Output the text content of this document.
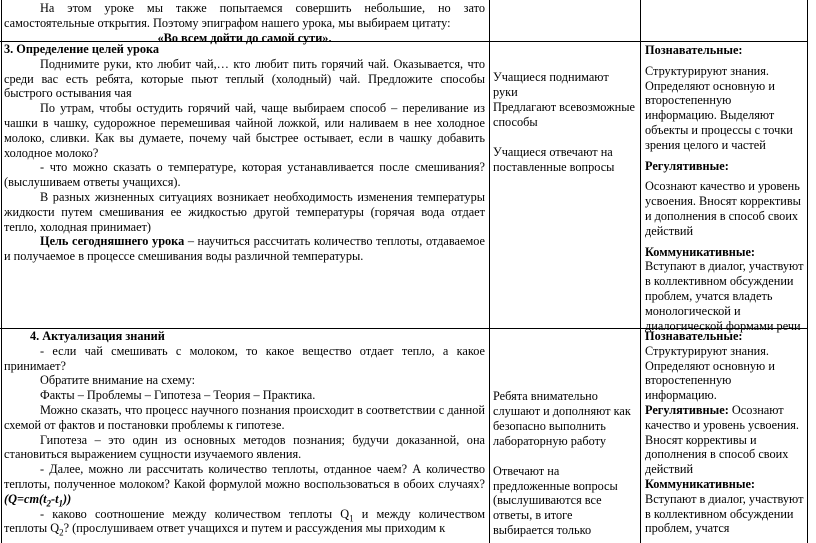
На этом уроке мы также попытаемся совершить небольшие, но зато самостоятельные открытия. Поэтому эпиграфом нашего урока, мы выбираем цитату:

«Во всем дойти до самой сути».

3. Определение целей урока

Поднимите руки, кто любит чай,… кто любит пить горячий чай. Оказывается, что среди вас есть ребята, которые пьют теплый (холодный) чай. Предложите способы быстрого остывания чая

По утрам, чтобы остудить горячий чай, чаще выбираем способ – переливание из чашки в чашку, судорожное перемешивая чайной ложкой, или наливаем в нее холодное молоко, сливки. Как вы думаете, почему чай быстрее остывает, если в чашку добавить холодное молоко?

- что можно сказать о температуре, которая устанавливается после смешивания? (выслушиваем ответы учащихся).

В разных жизненных ситуациях возникает необходимость изменения температуры жидкости путем смешивания ее жидкостью другой температуры (горячая вода отдает тепло, холодная принимает)

Цель сегодняшнего урока – научиться рассчитать количество теплоты, отдаваемое и получаемое в процессе смешивания воды различной температуры.

Учащиеся поднимают руки

Предлагают всевозможные способы

Учащиеся отвечают на поставленные вопросы

Познавательные:

Структурируют знания. Определяют основную и второстепенную информацию. Выделяют объекты и процессы с точки зрения целого и частей

Регулятивные:

Осознают качество и уровень усвоения. Вносят коррективы и дополнения в способ своих действий

Коммуникативные:

Вступают в диалог, участвуют в коллективном обсуждении проблем, учатся владеть монологической и диалогической формами речи

4. Актуализация знаний

- если чай смешивать с молоком, то какое вещество отдает тепло, а какое принимает?

Обратите внимание на схему:

Факты – Проблемы – Гипотеза – Теория – Практика.

Можно сказать, что процесс научного познания происходит в соответствии с данной схемой от фактов и постановки проблемы к гипотезе.

Гипотеза – это один из основных методов познания; будучи доказанной, она становиться выражением сущности изучаемого явления.

- Далее, можно ли рассчитать количество теплоты, отданное чаем? А количество теплоты, полученное молоком? Какой формулой можно воспользоваться в обоих случаях? $(Q=cm(t_2-t_1))$

- каково соотношение между количеством теплоты $Q_1$ и между количеством теплоты $Q_2$? (прослушиваем ответ учащихся и путем и рассуждения мы приходим к

Ребята внимательно слушают и дополняют как безопасно выполнить лабораторную работу

Отвечают на предложенные вопросы (выслушиваются все ответы, в итоге выбирается только

Познавательные:

Структурируют знания. Определяют основную и второстепенную информацию.

Регулятивные: Осознают качество и уровень усвоения. Вносят коррективы и дополнения в способ своих действий

Коммуникативные:

Вступают в диалог, участвуют в коллективном обсуждении проблем, учатся
